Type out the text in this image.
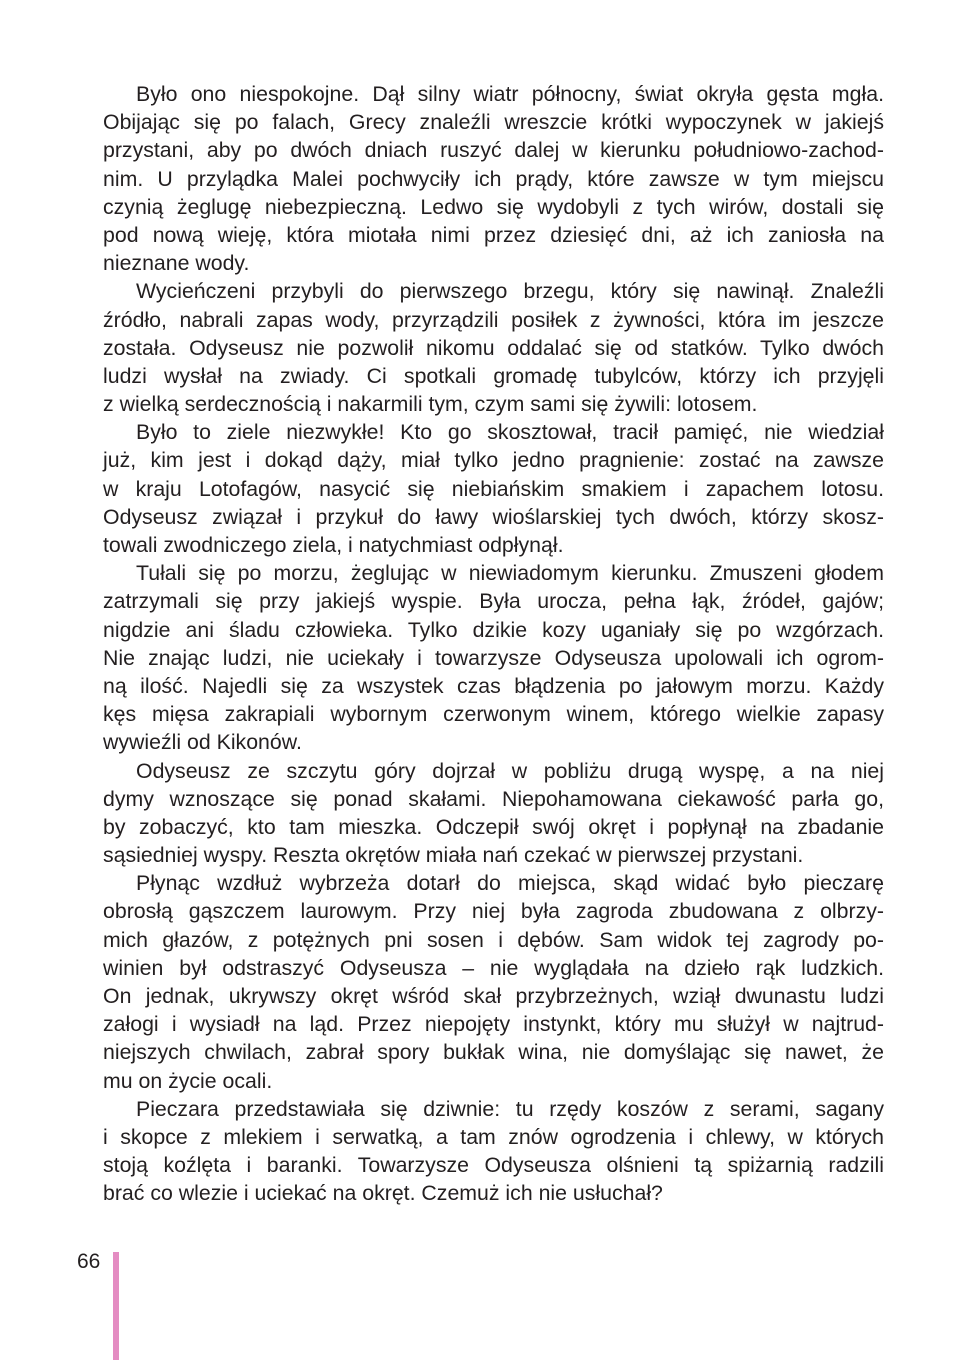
Było ono niespokojne. Dął silny wiatr północny, świat okryła gęsta mgła.
Obijając się po falach, Grecy znaleźli wreszcie krótki wypoczynek w jakiejś
przystani, aby po dwóch dniach ruszyć dalej w kierunku południowo-zachod-
nim. U przylądka Malei pochwyciły ich prądy, które zawsze w tym miejscu
czynią żeglugę niebezpieczną. Ledwo się wydobyli z tych wirów, dostali się
pod nową wieję, która miotała nimi przez dziesięć dni, aż ich zaniosła na
nieznane wody.
Wycieńczeni przybyli do pierwszego brzegu, który się nawinął. Znaleźli
źródło, nabrali zapas wody, przyrządzili posiłek z żywności, która im jeszcze
została. Odyseusz nie pozwolił nikomu oddalać się od statków. Tylko dwóch
ludzi wysłał na zwiady. Ci spotkali gromadę tubylców, którzy ich przyjęli
z wielką serdecznością i nakarmili tym, czym sami się żywili: lotosem.
Było to ziele niezwykłe! Kto go skosztował, tracił pamięć, nie wiedział
już, kim jest i dokąd dąży, miał tylko jedno pragnienie: zostać na zawsze
w kraju Lotofagów, nasycić się niebiańskim smakiem i zapachem lotosu.
Odyseusz związał i przykuł do ławy wioślarskiej tych dwóch, którzy skosz-
towali zwodniczego ziela, i natychmiast odpłynął.
Tułali się po morzu, żeglując w niewiadomym kierunku. Zmuszeni głodem
zatrzymali się przy jakiejś wyspie. Była urocza, pełna łąk, źródeł, gajów;
nigdzie ani śladu człowieka. Tylko dzikie kozy uganiały się po wzgórzach.
Nie znając ludzi, nie uciekały i towarzysze Odyseusza upolowali ich ogrom-
ną ilość. Najedli się za wszystek czas błądzenia po jałowym morzu. Każdy
kęs mięsa zakrapiali wybornym czerwonym winem, którego wielkie zapasy
wywieźli od Kikonów.
Odyseusz ze szczytu góry dojrzał w pobliżu drugą wyspę, a na niej
dymy wznoszące się ponad skałami. Niepohamowana ciekawość parła go,
by zobaczyć, kto tam mieszka. Odczepił swój okręt i popłynął na zbadanie
sąsiedniej wyspy. Reszta okrętów miała nań czekać w pierwszej przystani.
Płynąc wzdłuż wybrzeża dotarł do miejsca, skąd widać było pieczarę
obrosłą gąszczem laurowym. Przy niej była zagroda zbudowana z olbrzy-
mich głazów, z potężnych pni sosen i dębów. Sam widok tej zagrody po-
winien był odstraszyć Odyseusza – nie wyglądała na dzieło rąk ludzkich.
On jednak, ukrywszy okręt wśród skał przybrzeżnych, wziął dwunastu ludzi
załogi i wysiadł na ląd. Przez niepojęty instynkt, który mu służył w najtrud-
niejszych chwilach, zabrał spory bukłak wina, nie domyślając się nawet, że
mu on życie ocali.
Pieczara przedstawiała się dziwnie: tu rzędy koszów z serami, sagany
i skopce z mlekiem i serwatką, a tam znów ogrodzenia i chlewy, w których
stoją koźlęta i baranki. Towarzysze Odyseusza olśnieni tą spiżarnią radzili
brać co wlezie i uciekać na okręt. Czemuż ich nie usłuchał?
66
